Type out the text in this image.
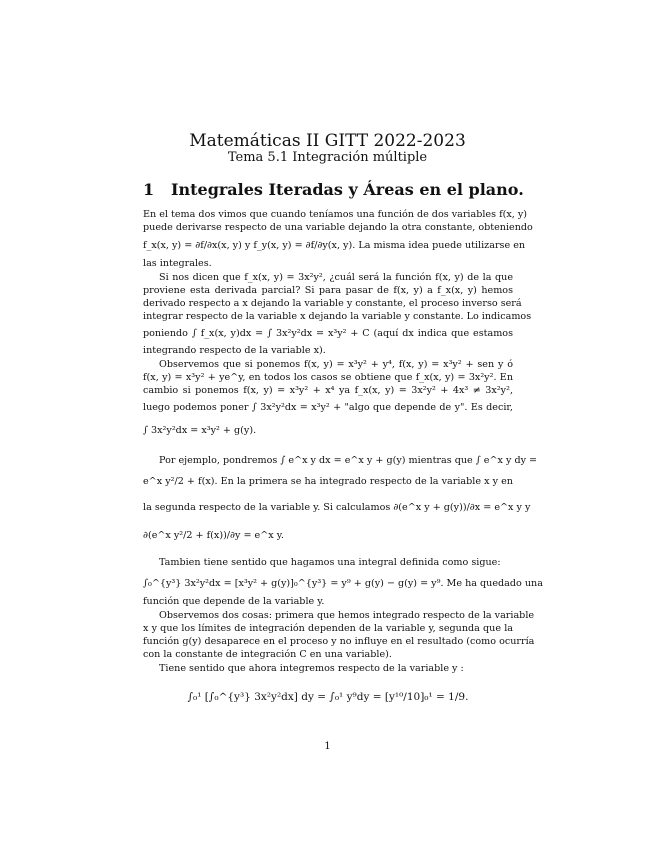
Matemáticas II GITT 2022-2023
Tema 5.1 Integración múltiple
1 Integrales Iteradas y Áreas en el plano.
En el tema dos vimos que cuando teníamos una función de dos variables f(x, y)
puede derivarse respecto de una variable dejando la otra constante, obteniendo
f_x(x, y) = ∂f/∂x(x, y) y f_y(x, y) = ∂f/∂y(x, y). La misma idea puede utilizarse en
las integrales.
Si nos dicen que f_x(x, y) = 3x²y², ¿cuál será la función f(x, y) de la que
proviene esta derivada parcial? Si para pasar de f(x, y) a f_x(x, y) hemos
derivado respecto a x dejando la variable y constante, el proceso inverso será
integrar respecto de la variable x dejando la variable y constante. Lo indicamos
poniendo ∫ f_x(x, y)dx = ∫ 3x²y²dx = x³y² + C (aquí dx indica que estamos
integrando respecto de la variable x).
Observemos que si ponemos f(x, y) = x³y² + y⁴, f(x, y) = x³y² + sen y ó
f(x, y) = x³y² + ye^y, en todos los casos se obtiene que f_x(x, y) = 3x²y². En
cambio si ponemos f(x, y) = x³y² + x⁴ ya f_x(x, y) = 3x²y² + 4x³ ≠ 3x²y²,
luego podemos poner ∫ 3x²y²dx = x³y² + "algo que depende de y". Es decir,
∫ 3x²y²dx = x³y² + g(y).
Por ejemplo, pondremos ∫ e^x y dx = e^x y + g(y) mientras que ∫ e^x y dy =
e^x y²/2 + f(x). En la primera se ha integrado respecto de la variable x y en
la segunda respecto de la variable y. Si calculamos ∂(e^x y + g(y))/∂x = e^x y y
∂(e^x y²/2 + f(x))/∂y = e^x y.
Tambien tiene sentido que hagamos una integral definida como sigue:
∫₀^{y³} 3x²y²dx = [x³y² + g(y)]₀^{y³} = y⁹ + g(y) − g(y) = y⁹. Me ha quedado una
función que depende de la variable y.
Observemos dos cosas: primera que hemos integrado respecto de la variable
x y que los límites de integración dependen de la variable y, segunda que la
función g(y) desaparece en el proceso y no influye en el resultado (como ocurría
con la constante de integración C en una variable).
Tiene sentido que ahora integremos respecto de la variable y :
∫₀¹ [∫₀^{y³} 3x²y²dx] dy = ∫₀¹ y⁹dy = [y¹⁰/10]₀¹ = 1/9.
1
